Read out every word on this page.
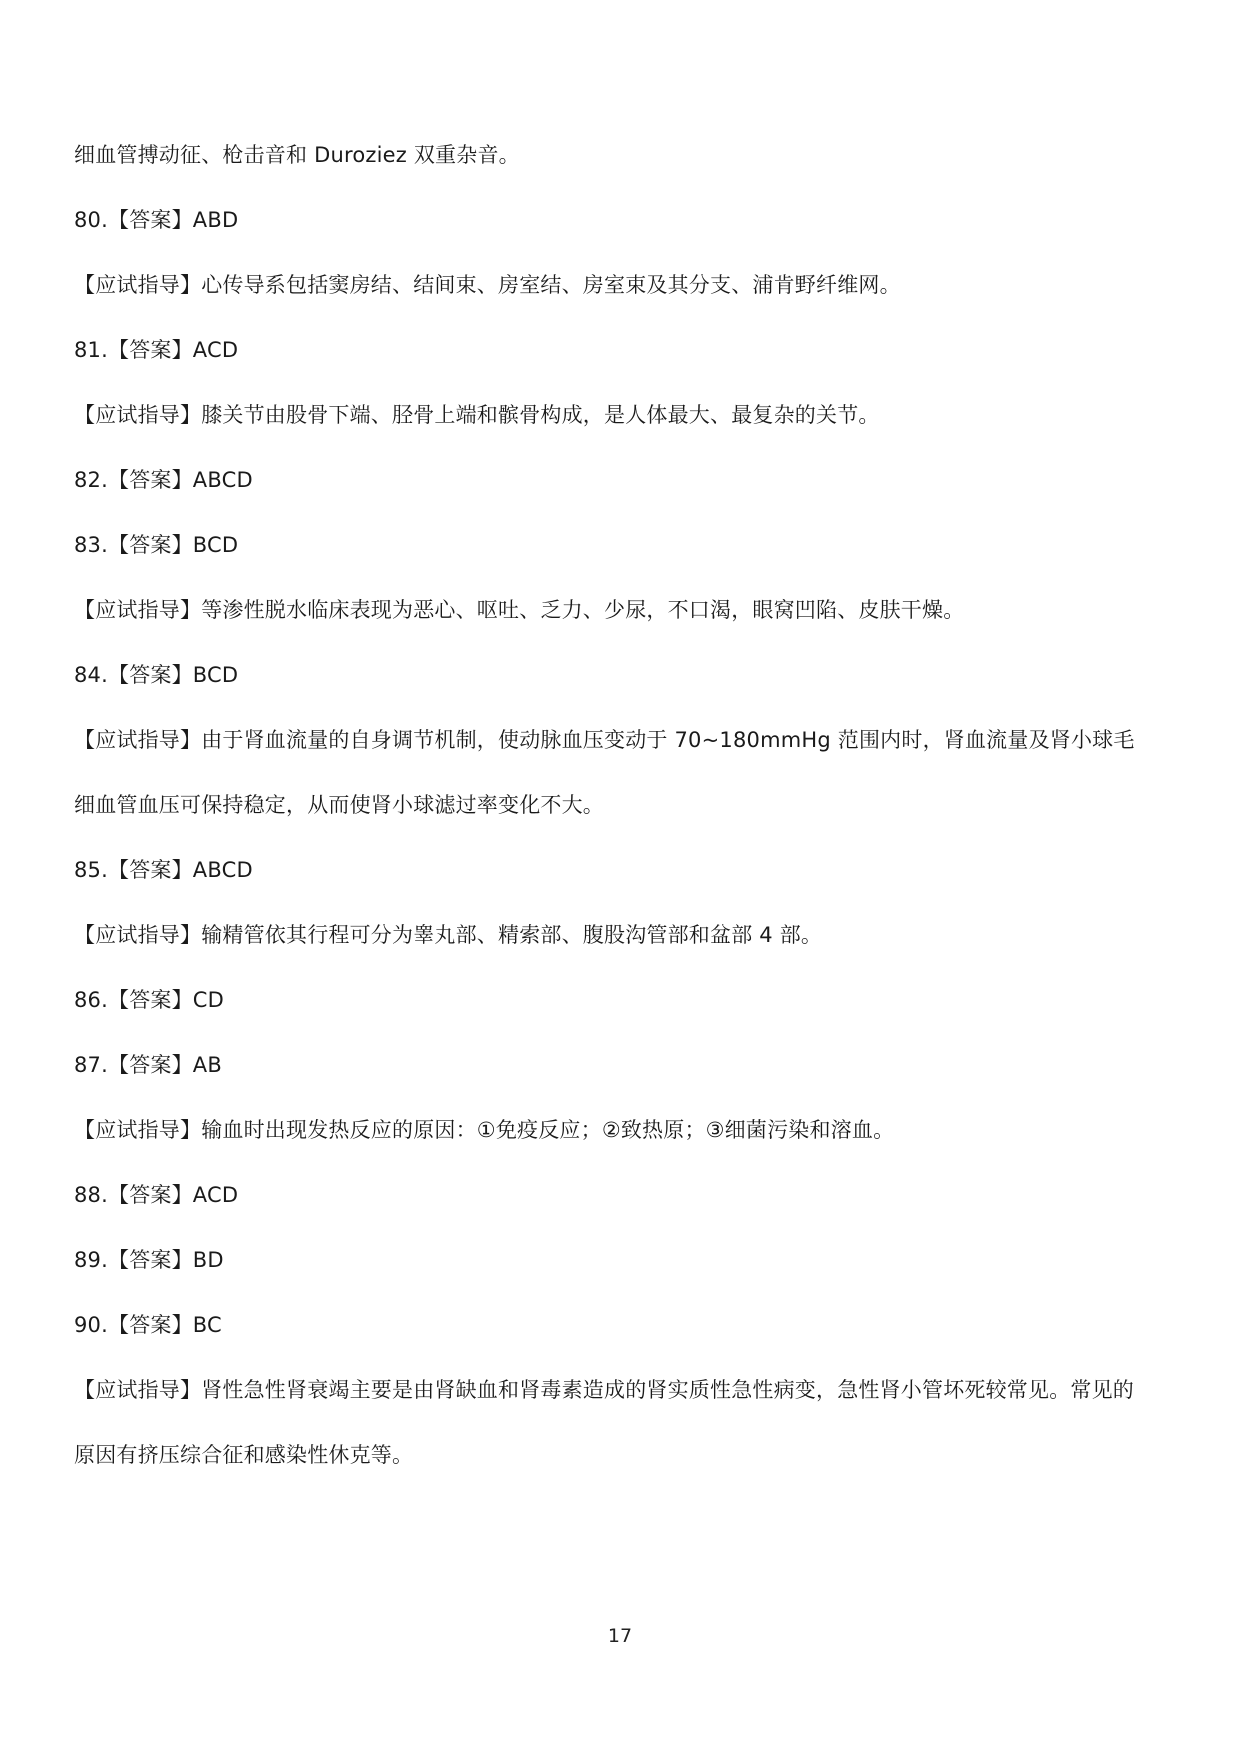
细血管搏动征、枪击音和 Duroziez 双重杂音。
80.【答案】ABD
【应试指导】心传导系包括窦房结、结间束、房室结、房室束及其分支、浦肯野纤维网。
81.【答案】ACD
【应试指导】膝关节由股骨下端、胫骨上端和髌骨构成，是人体最大、最复杂的关节。
82.【答案】ABCD
83.【答案】BCD
【应试指导】等渗性脱水临床表现为恶心、呕吐、乏力、少尿，不口渴，眼窝凹陷、皮肤干燥。
84.【答案】BCD
【应试指导】由于肾血流量的自身调节机制，使动脉血压变动于 70~180mmHg 范围内时，肾血流量及肾小球毛
细血管血压可保持稳定，从而使肾小球滤过率变化不大。
85.【答案】ABCD
【应试指导】输精管依其行程可分为睾丸部、精索部、腹股沟管部和盆部 4 部。
86.【答案】CD
87.【答案】AB
【应试指导】输血时出现发热反应的原因：①免疫反应；②致热原；③细菌污染和溶血。
88.【答案】ACD
89.【答案】BD
90.【答案】BC
【应试指导】肾性急性肾衰竭主要是由肾缺血和肾毒素造成的肾实质性急性病变，急性肾小管坏死较常见。常见的
原因有挤压综合征和感染性休克等。
17
